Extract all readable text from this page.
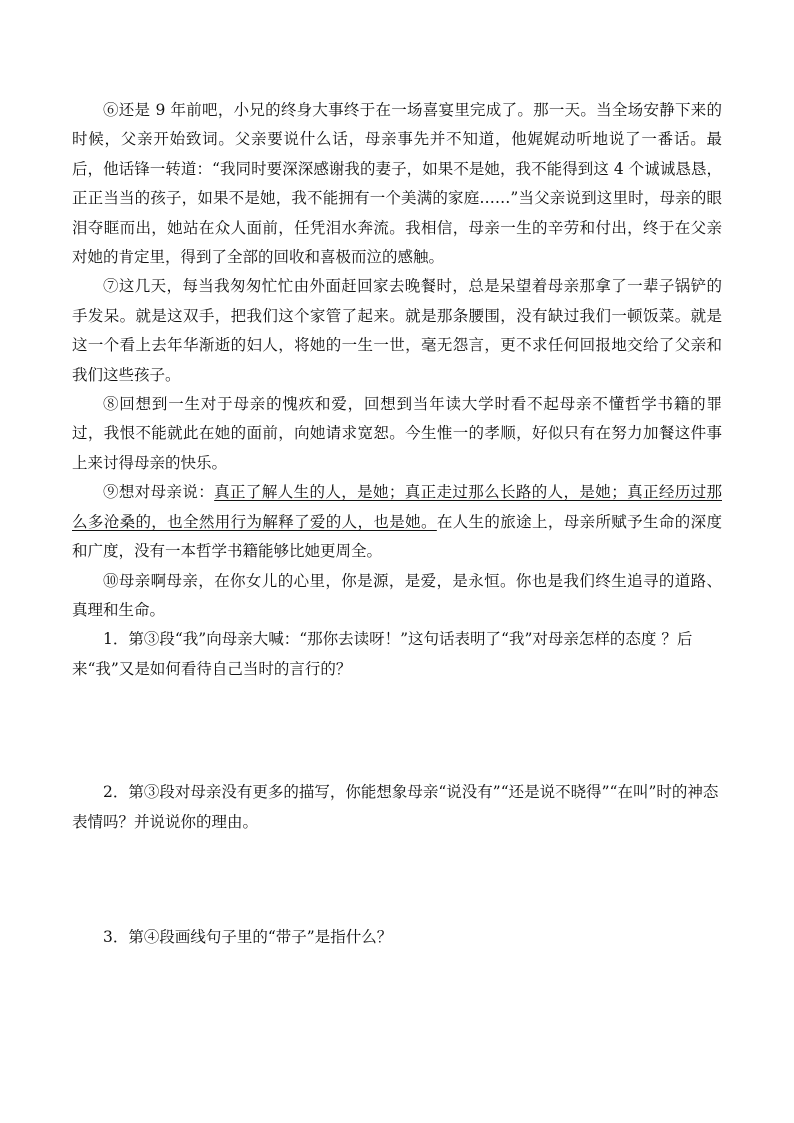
⑥还是 9 年前吧，小兄的终身大事终于在一场喜宴里完成了。那一天。当全场安静下来的时候，父亲开始致词。父亲要说什么话，母亲事先并不知道，他娓娓动听地说了一番话。最后，他话锋一转道：“我同时要深深感谢我的妻子，如果不是她，我不能得到这 4 个诚诚恳恳，正正当当的孩子，如果不是她，我不能拥有一个美满的家庭……”当父亲说到这里时，母亲的眼泪夺眶而出，她站在众人面前，任凭泪水奔流。我相信，母亲一生的辛劳和付出，终于在父亲对她的肯定里，得到了全部的回收和喜极而泣的感触。

⑦这几天，每当我匆匆忙忙由外面赶回家去晚餐时，总是呆望着母亲那拿了一辈子锅铲的手发呆。就是这双手，把我们这个家管了起来。就是那条腰围，没有缺过我们一顿饭菜。就是这一个看上去年华渐逝的妇人，将她的一生一世，毫无怨言，更不求任何回报地交给了父亲和我们这些孩子。

⑧回想到一生对于母亲的愧疚和爱，回想到当年读大学时看不起母亲不懂哲学书籍的罪过，我恨不能就此在她的面前，向她请求宽恕。今生惟一的孝顺，好似只有在努力加餐这件事上来讨得母亲的快乐。

⑨想对母亲说：真正了解人生的人，是她；真正走过那么长路的人，是她；真正经历过那么多沧桑的，也全然用行为解释了爱的人，也是她。在人生的旅途上，母亲所赋予生命的深度和广度，没有一本哲学书籍能够比她更周全。

⑩母亲啊母亲，在你女儿的心里，你是源，是爱，是永恒。你也是我们终生追寻的道路、真理和生命。

1．第③段“我”向母亲大喊：“那你去读呀！”这句话表明了“我”对母亲怎样的态度 ？后来“我”又是如何看待自己当时的言行的？

2．第③段对母亲没有更多的描写，你能想象母亲“说没有”“还是说不晓得”“在叫”时的神态表情吗？并说说你的理由。

3．第④段画线句子里的“带子”是指什么？
